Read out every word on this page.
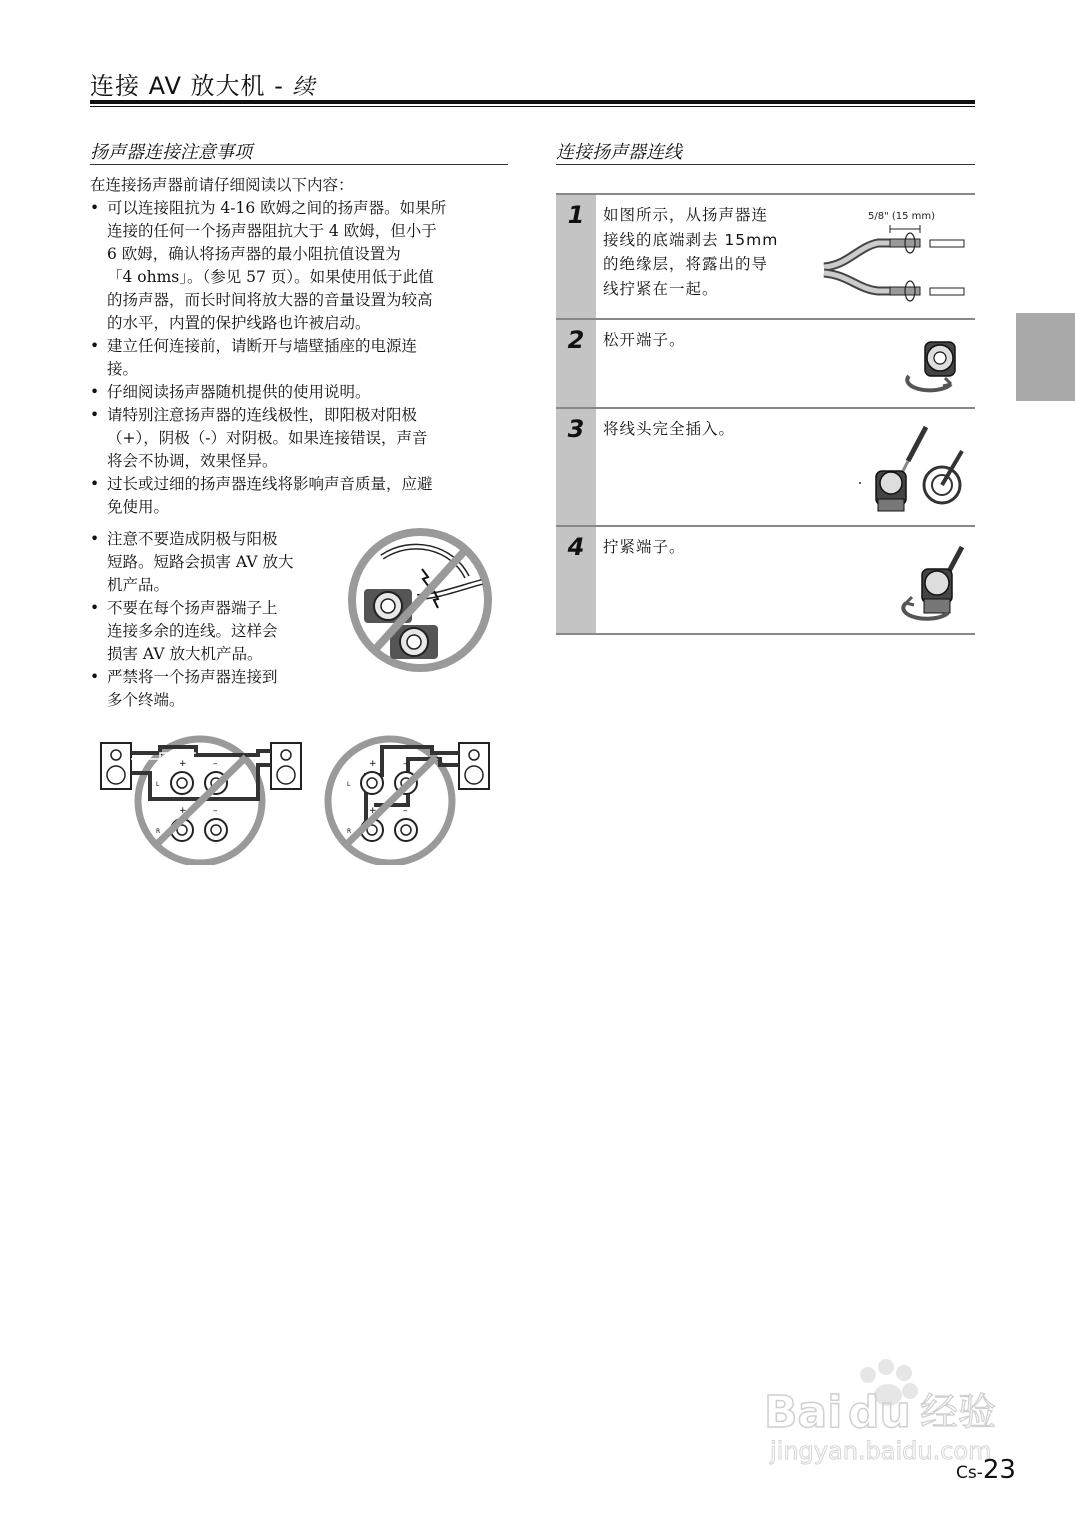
连接 AV 放大机 - 续
扬声器连接注意事项
在连接扬声器前请仔细阅读以下内容：
• 可以连接阻抗为 4-16 欧姆之间的扬声器。如果所
连接的任何一个扬声器阻抗大于 4 欧姆，但小于
6 欧姆，确认将扬声器的最小阻抗值设置为
「4 ohms」。（参见 57 页）。如果使用低于此值
的扬声器，而长时间将放大器的音量设置为较高
的水平，内置的保护线路也许被启动。
• 建立任何连接前，请断开与墙壁插座的电源连
接。
• 仔细阅读扬声器随机提供的使用说明。
• 请特别注意扬声器的连线极性，即阳极对阳极
（+），阴极（-）对阴极。如果连接错误，声音
将会不协调，效果怪异。
• 过长或过细的扬声器连线将影响声音质量，应避
免使用。
• 注意不要造成阴极与阳极
短路。短路会损害 AV 放大
机产品。
• 不要在每个扬声器端子上
连接多余的连线。这样会
损害 AV 放大机产品。
• 严禁将一个扬声器连接到
多个终端。
+	–
+	–
L
R
+	–
+	–
L
R
连接扬声器连线
1	如图所示，从扬声器连
接线的底端剥去 15mm
的绝缘层，将露出的导
线拧紧在一起。
5/8" (15 mm)
2	松开端子。
3	将线头完全插入。
4	拧紧端子。
Bai du 经验
jingyan.baidu.com
Cs-23
